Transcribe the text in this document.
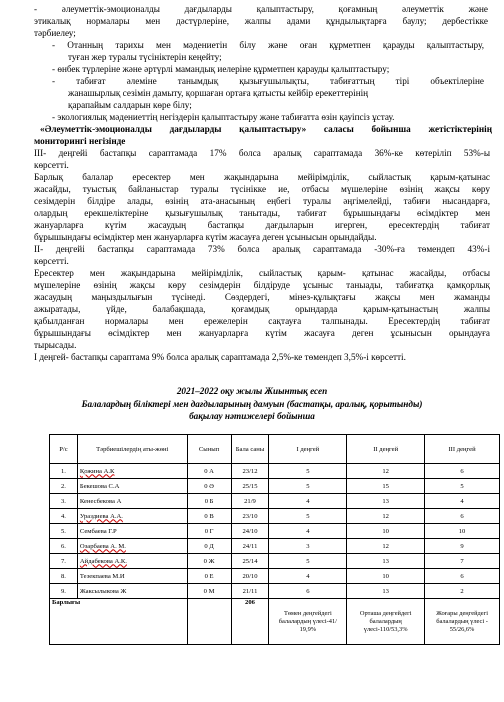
- әлеуметтік-эмоционалды дағдыларды қалыптастыру, қоғамның әлеуметтік және
этикалық нормалары мен дәстүрлеріне, жалпы адами құндылықтарға баулу; дербестікке
тәрбиелеу;
- Отанның тарихы мен мәдениетін білу және оған құрметпен қарауды қалыптастыру,
туған жер туралы түсініктерін кеңейту;
- өнбек түрлеріне және әртүрлі мамандық иелеріне құрметпен қарауды қалыптастыру;
- табиғат әлеміне танымдық қызығушылықты, табиғаттың тірі объектілеріне
жанашырлық сезімін дамыту, қоршаған ортаға қатысты кейбір ерекеттерінің
қарапайым салдарын көре білу;
- экологиялық мәдениеттің негіздерін қалыптастыру және табиғатта өзін қауіпсіз ұстау.
«Әлеуметтік-эмоционалды дағдыларды қалыптастыру» саласы бойынша жетістіктерінің
мониторингі негізінде
ІІІ- деңгейі бастапқы сараптамада 17% болса аралық сараптамада 36%-ке көтеріліп 53%-ы
көрсетті.
Барлық балалар ересектер мен жақындарына мейірімділік, сыйластық қарым-қатынас
жасайды, туыстық байланыстар туралы түсінікке ие, отбасы мүшелеріне өзінің жақсы көру
сезімдерін білдіре алады, өзінің ата-анасының еңбегі туралы әңгімелейді, табиғи нысандарға,
олардың ерекшеліктеріне қызығушылық танытады, табиғат бұрышындағы өсімдіктер мен
жануарларға күтім жасаудың бастапқы дағдыларын игерген, ересектердің табиғат
бұрышындағы өсімдіктер мен жануарларға күтім жасауға деген ұсынысын орындайды.
ІІ- деңгейі бастапқы сараптамада 73% болса аралық сараптамада -30%-ға төмендеп 43%-і
көрсетті.
Ересектер мен жақындарына мейірімділік, сыйластық қарым- қатынас жасайды, отбасы
мүшелеріне өзінің жақсы көру сезімдерін білдіруде ұсыныс таныады, табиғатқа қамқорлық
жасаудың маңыздылығын түсінеді. Сөздердегі, мінез-құлықтағы жақсы мен жаманды
ажыратады, үйде, балабақшада, қоғамдық орындарда қарым-қатынастың жалпы
қабылданған нормалары мен ережелерін сақтауға талпынады. Ересектердің табиғат
бұрышындағы өсімдіктер мен жануарларға күтім жасауға деген ұсынысын орындауға
тырысады.
І деңгей- бастапқы сараптама 9% болса аралық сараптамада 2,5%-ке төмендеп 3,5%-і көрсетті.
2021–2022 оқу жылы Жиынтық есеп
Балалардың біліктері мен дағдыларының дамуын (бастапқы, аралық, қорытынды)
бақылау нәтижелері бойынша
Р/с	Тәрбиешілердің аты-жөні	Сынып	Бала саны	І деңгей	ІІ деңгей	ІІІ деңгей
1.	Қожина А.К	0 А	23/12	5	12	6
2.	Бекешова С.А	0 Ә	25/15	5	15	5
3.	Кенесбекова А	0 Б	21/9	4	13	4
4.	Ураздиева А.А.	0 В	23/10	5	12	6
5.	Сембаева Г.Р	0 Г	24/10	4	10	10
6.	Озарбаева А. М.	0 Д	24/11	3	12	9
7.	Айдабекова А.К.	0 Ж	25/14	5	13	7
8.	Тезекпаева М.И	0 Е	20/10	4	10	6
9.	Жаксылыкова Ж	0 М	21/11	6	13	2
Барлығы			206	Төмен деңгейдегі балалардың үлесі-41/ 19,9%	Орташа деңгейдегі балалардың үлесі-110/53,3%	Жоғары деңгейдегі балалардың үлесі - 55/26,6%
